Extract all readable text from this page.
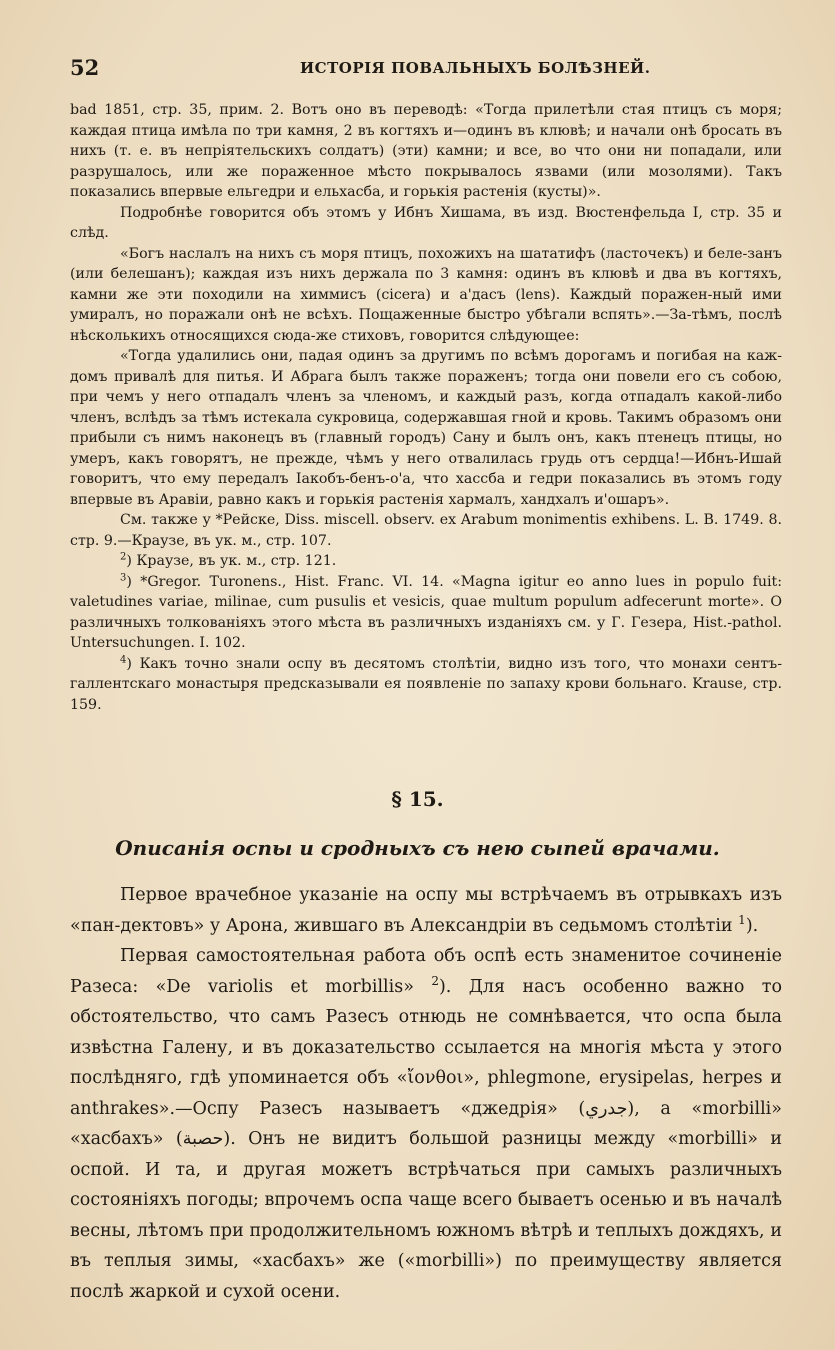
52	ИСТОРІЯ ПОВАЛЬНЫХЪ БОЛѢЗНЕЙ.

bad 1851, стр. 35, прим. 2. Вотъ оно въ переводѣ: «Тогда прилетѣли стая птицъ съ моря; каждая птица имѣла по три камня, 2 въ когтяхъ и—одинъ въ клювѣ; и начали онѣ бросать въ нихъ (т. е. въ непріятельскихъ солдатъ) (эти) камни; и все, во что они ни попадали, или разрушалось, или же пораженное мѣсто покрывалось язвами (или мозолями). Такъ показались впервые ельгедри и ельхасба, и горькія растенія (кусты)».

Подробнѣе говорится объ этомъ у Ибнъ Хишама, въ изд. Вюстенфельда I, стр. 35 и слѣд.

«Богъ наслалъ на нихъ съ моря птицъ, похожихъ на шататифъ (ласточекъ) и беле-занъ (или белешанъ); каждая изъ нихъ держала по 3 камня: одинъ въ клювѣ и два въ когтяхъ, камни же эти походили на химмисъ (cicera) и а'дасъ (lens). Каждый поражен-ный ими умиралъ, но поражали онѣ не всѣхъ. Пощаженные быстро убѣгали вспять».—За-тѣмъ, послѣ нѣсколькихъ относящихся сюда-же стиховъ, говорится слѣдующее:

«Тогда удалились они, падая одинъ за другимъ по всѣмъ дорогамъ и погибая на каж-домъ привалѣ для питья. И Абрага былъ также пораженъ; тогда они повели его съ собою, при чемъ у него отпадалъ членъ за членомъ, и каждый разъ, когда отпадалъ какой-либо членъ, вслѣдъ за тѣмъ истекала сукровица, содержавшая гной и кровь. Такимъ образомъ они прибыли съ нимъ наконецъ въ (главный городъ) Сану и былъ онъ, какъ птенецъ птицы, но умеръ, какъ говорятъ, не прежде, чѣмъ у него отвалилась грудь отъ сердца!—Ибнъ-Ишай говоритъ, что ему передалъ Іакобъ-бенъ-о'а, что хассба и гедри показались въ этомъ году впервые въ Аравіи, равно какъ и горькія растенія хармалъ, хандхалъ и'ошаръ».

См. также у *Рейске, Diss. miscell. observ. ex Arabum monimentis exhibens. L. B. 1749. 8. стр. 9.—Краузе, въ ук. м., стр. 107.

$^2$) Краузе, въ ук. м., стр. 121.

$^3$) *Gregor. Turonens., Hist. Franc. VI. 14. «Magna igitur eo anno lues in populo fuit: valetudines variae, milinae, cum pusulis et vesicis, quae multum populum adfecerunt morte». О различныхъ толкованіяхъ этого мѣста въ различныхъ изданіяхъ см. у Г. Гезера, Hist.-pathol. Untersuchungen. I. 102.

$^4$) Какъ точно знали оспу въ десятомъ столѣтіи, видно изъ того, что монахи сентъ-галлентскаго монастыря предсказывали ея появленіе по запаху крови больнаго. Krause, стр. 159.

§ 15.
Описанія оспы и сродныхъ съ нею сыпей врачами.

Первое врачебное указаніе на оспу мы встрѣчаемъ въ отрывкахъ изъ «пан-дектовъ» у Арона, жившаго въ Александріи въ седьмомъ столѣтіи $^1$).

Первая самостоятельная работа объ оспѣ есть знаменитое сочиненіе Разеса: «De variolis et morbillis» $^2$). Для насъ особенно важно то обстоятельство, что самъ Разесъ отнюдь не сомнѣвается, что оспа была извѣстна Галену, и въ доказательство ссылается на многія мѣста у этого послѣдняго, гдѣ упоминается объ «ἴονθοι», phlegmone, erysipelas, herpes и anthrakes».—Оспу Разесъ называетъ «джедрія» (جدري), а «morbilli» «хасбахъ» (حصبة). Онъ не видитъ большой разницы между «morbilli» и оспой. И та, и другая можетъ встрѣчаться при самыхъ различныхъ состояніяхъ погоды; впрочемъ оспа чаще всего бываетъ осенью и въ началѣ весны, лѣтомъ при продолжительномъ южномъ вѣтрѣ и теплыхъ дождяхъ, и въ теплыя зимы, «хасбахъ» же («morbilli») по преимуществу является послѣ жаркой и сухой осени.
